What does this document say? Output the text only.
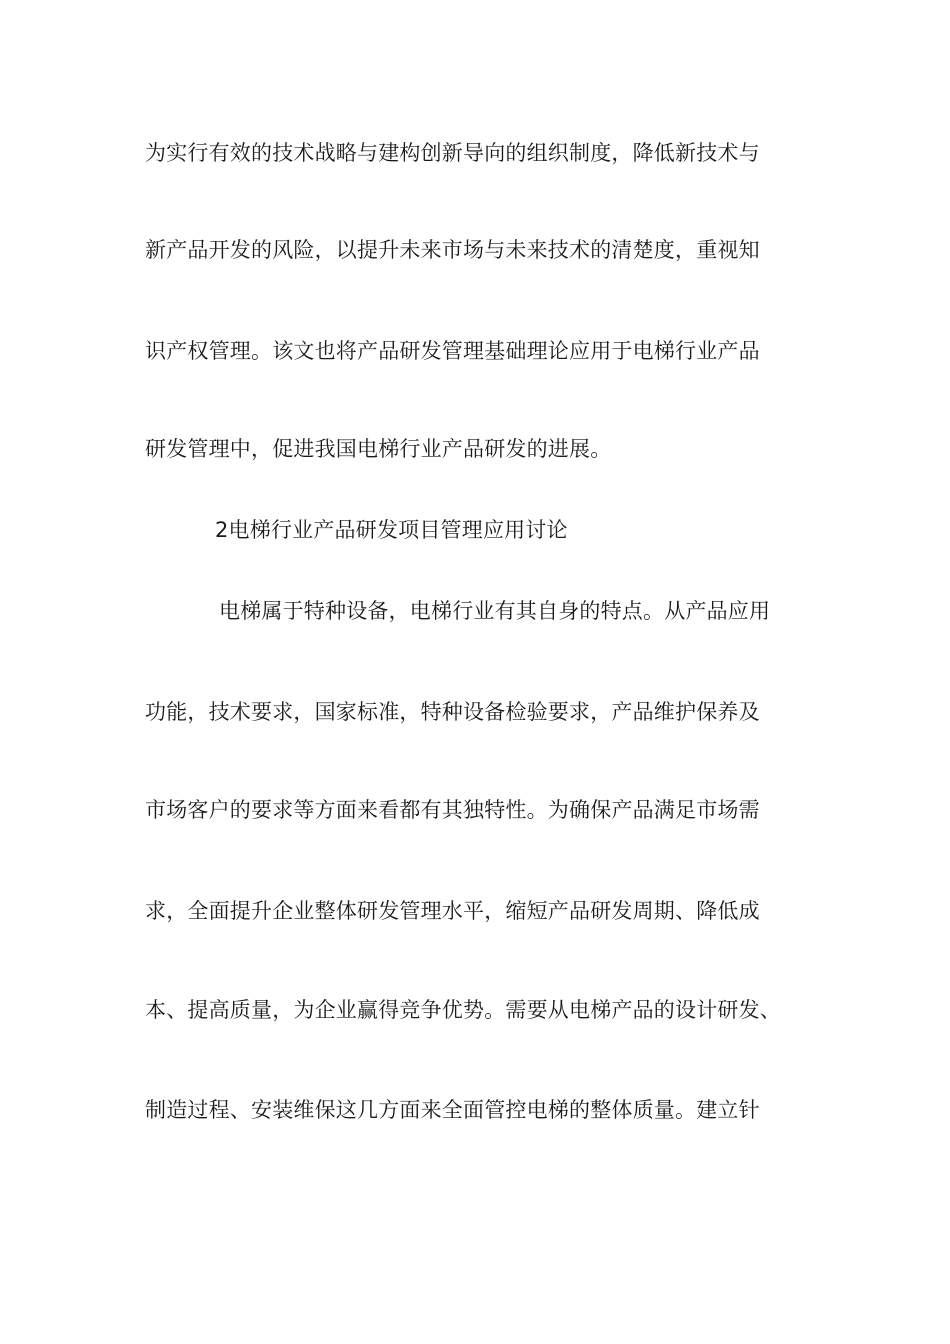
为实行有效的技术战略与建构创新导向的组织制度，降低新技术与
新产品开发的风险，以提升未来市场与未来技术的清楚度，重视知
识产权管理。该文也将产品研发管理基础理论应用于电梯行业产品
研发管理中，促进我国电梯行业产品研发的进展。
2电梯行业产品研发项目管理应用讨论
电梯属于特种设备，电梯行业有其自身的特点。从产品应用
功能，技术要求，国家标准，特种设备检验要求，产品维护保养及
市场客户的要求等方面来看都有其独特性。为确保产品满足市场需
求，全面提升企业整体研发管理水平，缩短产品研发周期、降低成
本、提高质量，为企业赢得竞争优势。需要从电梯产品的设计研发、
制造过程、安装维保这几方面来全面管控电梯的整体质量。建立针
